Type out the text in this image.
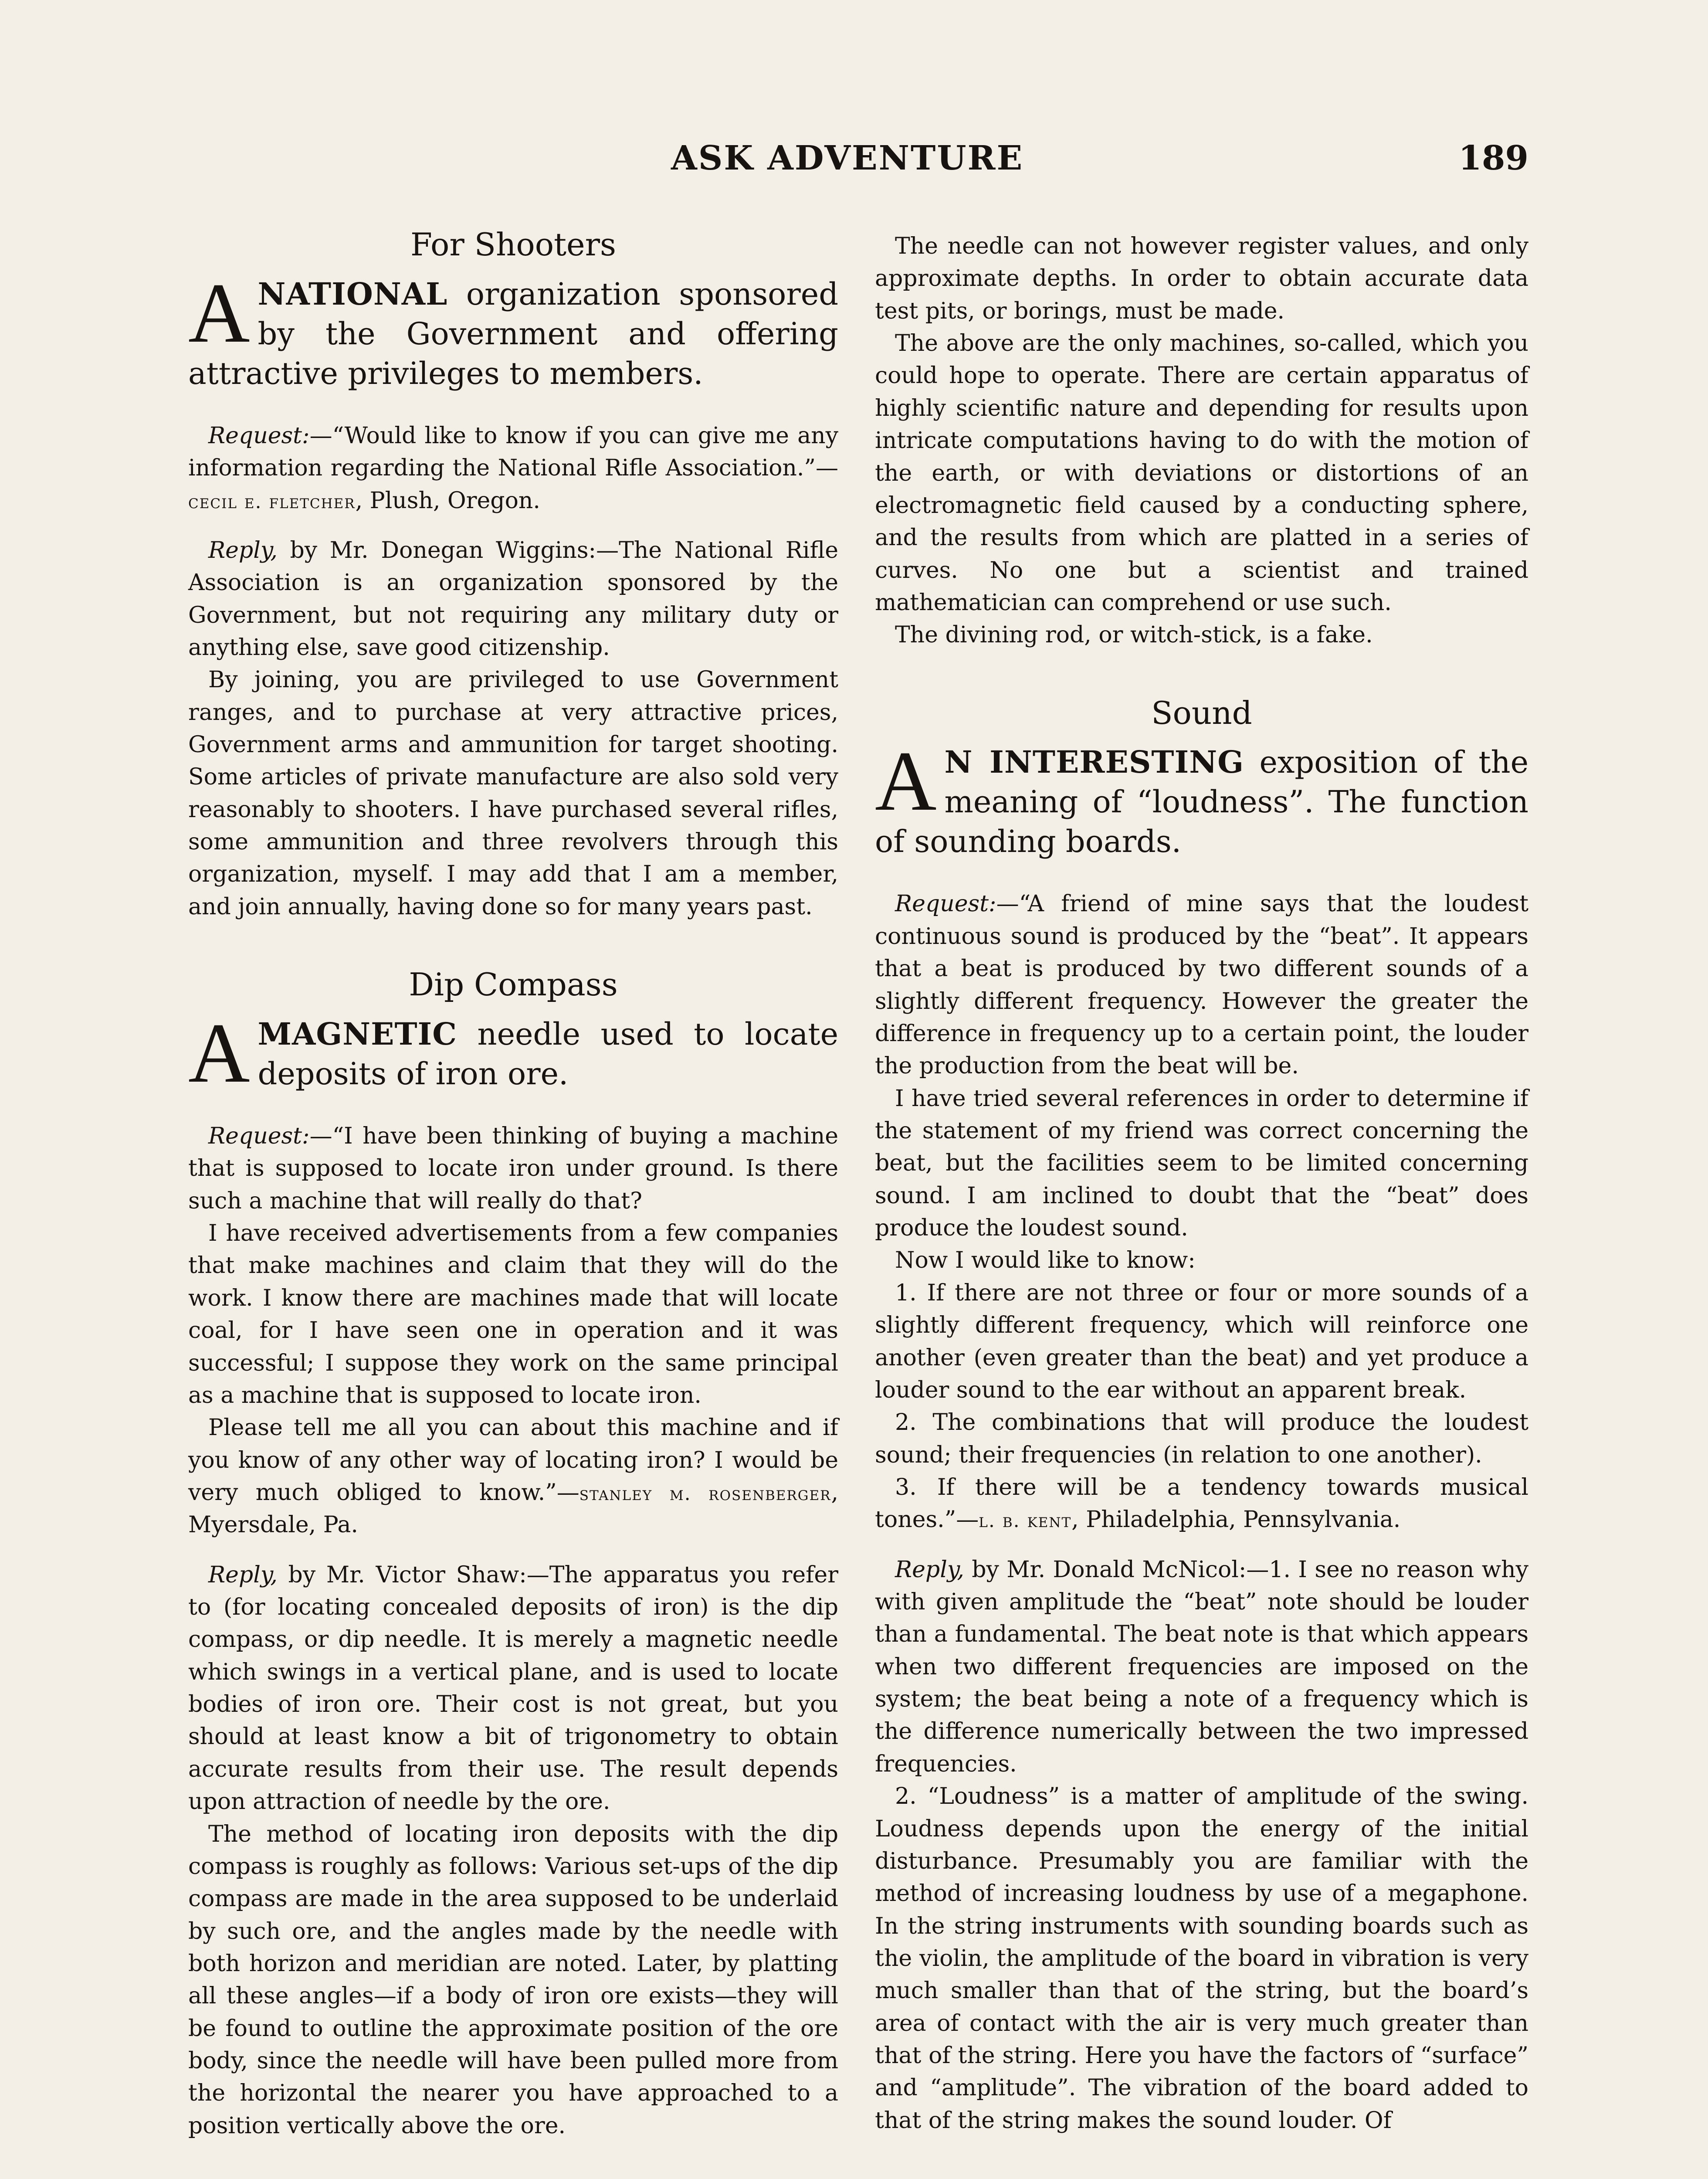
ASK ADVENTURE	189
For Shooters

ANATIONAL organization sponsored by the Government and offering attractive privileges to members.

Request:—“Would like to know if you can give me any information regarding the National Rifle Association.”—cecil e. fletcher, Plush, Oregon.

Reply, by Mr. Donegan Wiggins:—The National Rifle Association is an organization sponsored by the Government, but not requiring any military duty or anything else, save good citizenship.

By joining, you are privileged to use Government ranges, and to purchase at very attractive prices, Government arms and ammunition for target shooting. Some articles of private manufacture are also sold very reasonably to shooters. I have purchased several rifles, some ammunition and three revolvers through this organization, myself. I may add that I am a member, and join annually, having done so for many years past.

Dip Compass

AMAGNETIC needle used to locate deposits of iron ore.

Request:—“I have been thinking of buying a machine that is supposed to locate iron under ground. Is there such a machine that will really do that?

I have received advertisements from a few companies that make machines and claim that they will do the work. I know there are machines made that will locate coal, for I have seen one in operation and it was successful; I suppose they work on the same principal as a machine that is supposed to locate iron.

Please tell me all you can about this machine and if you know of any other way of locating iron? I would be very much obliged to know.”—stanley m. rosenberger, Myersdale, Pa.

Reply, by Mr. Victor Shaw:—The apparatus you refer to (for locating concealed deposits of iron) is the dip compass, or dip needle. It is merely a magnetic needle which swings in a vertical plane, and is used to locate bodies of iron ore. Their cost is not great, but you should at least know a bit of trigonometry to obtain accurate results from their use. The result depends upon attraction of needle by the ore.

The method of locating iron deposits with the dip compass is roughly as follows: Various set-ups of the dip compass are made in the area supposed to be underlaid by such ore, and the angles made by the needle with both horizon and meridian are noted. Later, by platting all these angles—if a body of iron ore exists—they will be found to outline the approximate position of the ore body, since the needle will have been pulled more from the horizontal the nearer you have approached to a position vertically above the ore.

The needle can not however register values, and only approximate depths. In order to obtain accurate data test pits, or borings, must be made.

The above are the only machines, so-called, which you could hope to operate. There are certain apparatus of highly scientific nature and depending for results upon intricate computations having to do with the motion of the earth, or with deviations or distortions of an electromagnetic field caused by a conducting sphere, and the results from which are platted in a series of curves. No one but a scientist and trained mathematician can comprehend or use such.

The divining rod, or witch-stick, is a fake.

Sound

A N INTERESTING exposition of the meaning of “loudness”. The function of sounding boards.

Request:—“A friend of mine says that the loudest continuous sound is produced by the “beat”. It appears that a beat is produced by two different sounds of a slightly different frequency. However the greater the difference in frequency up to a certain point, the louder the production from the beat will be.

I have tried several references in order to determine if the statement of my friend was correct concerning the beat, but the facilities seem to be limited concerning sound. I am inclined to doubt that the “beat” does produce the loudest sound.

Now I would like to know:

1. If there are not three or four or more sounds of a slightly different frequency, which will reinforce one another (even greater than the beat) and yet produce a louder sound to the ear without an apparent break.

2. The combinations that will produce the loudest sound; their frequencies (in relation to one another).

3. If there will be a tendency towards musical tones.”—l. b. kent, Philadelphia, Pennsylvania.

Reply, by Mr. Donald McNicol:—1. I see no reason why with given amplitude the “beat” note should be louder than a fundamental. The beat note is that which appears when two different frequencies are imposed on the system; the beat being a note of a frequency which is the difference numerically between the two impressed frequencies.

2. “Loudness” is a matter of amplitude of the swing. Loudness depends upon the energy of the initial disturbance. Presumably you are familiar with the method of increasing loudness by use of a megaphone. In the string instruments with sounding boards such as the violin, the amplitude of the board in vibration is very much smaller than that of the string, but the board’s area of contact with the air is very much greater than that of the string. Here you have the factors of “surface” and “amplitude”. The vibration of the board added to that of the string makes the sound louder. Of
